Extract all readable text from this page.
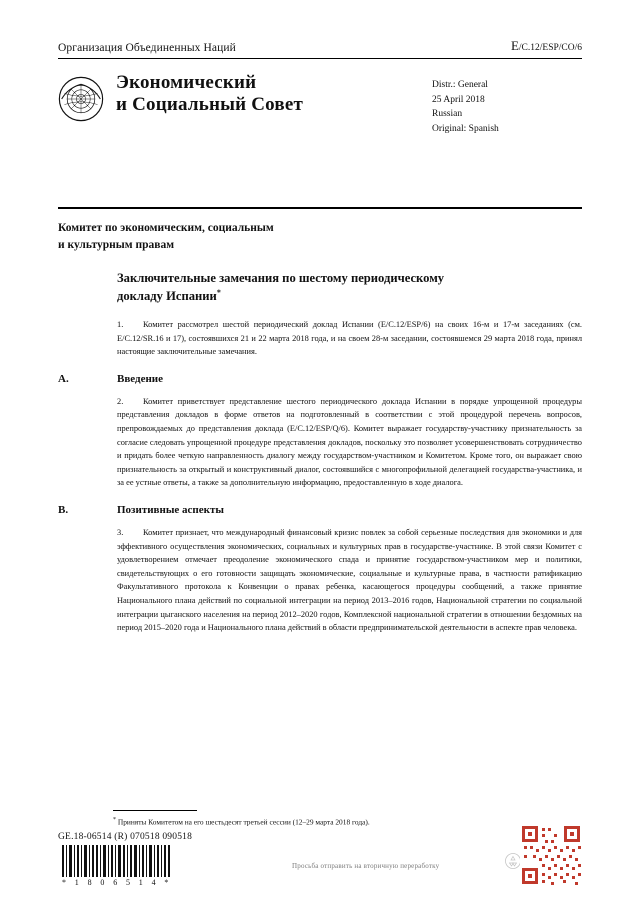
Организация Объединенных Наций	E/C.12/ESP/CO/6
Экономический
и Социальный Совет
Distr.: General
25 April 2018
Russian
Original: Spanish
Комитет по экономическим, социальным
и культурным правам
Заключительные замечания по шестому периодическому
докладу Испании*

1. Комитет рассмотрел шестой периодический доклад Испании (E/C.12/ESP/6) на своих 16-м и 17-м заседаниях (см. E/C.12/SR.16 и 17), состоявшихся 21 и 22 марта 2018 года, и на своем 28-м заседании, состоявшемся 29 марта 2018 года, принял настоящие заключительные замечания.

A.	Введение

2. Комитет приветствует представление шестого периодического доклада Испании в порядке упрощенной процедуры представления докладов в форме ответов на подготовленный в соответствии с этой процедурой перечень вопросов, препровождаемых до представления доклада (E/C.12/ESP/Q/6). Комитет выражает государству-участнику признательность за согласие следовать упрощенной процедуре представления докладов, поскольку это позволяет усовершенствовать сотрудничество и придать более четкую направленность диалогу между государством-участником и Комитетом. Кроме того, он выражает свою признательность за открытый и конструктивный диалог, состоявшийся с многопрофильной делегацией государства-участника, и за ее устные ответы, а также за дополнительную информацию, предоставленную в ходе диалога.

B.	Позитивные аспекты

3. Комитет признает, что международный финансовый кризис повлек за собой серьезные последствия для экономики и для эффективного осуществления экономических, социальных и культурных прав в государстве-участнике. В этой связи Комитет с удовлетворением отмечает преодоление экономического спада и принятие государством-участником мер и политики, свидетельствующих о его готовности защищать экономические, социальные и культурные права, в частности ратификацию Факультативного протокола к Конвенции о правах ребенка, касающегося процедуры сообщений, а также принятие Национального плана действий по социальной интеграции на период 2013–2016 годов, Национальной стратегии по социальной интеграции цыганского населения на период 2012–2020 годов, Комплексной национальной стратегии в отношении бездомных на период 2015–2020 года и Национального плана действий в области предпринимательской деятельности в аспекте прав человека.

* Приняты Комитетом на его шестьдесят третьей сессии (12–29 марта 2018 года).
GE.18-06514 (R) 070518 090518
* 1 8 0 6 5 1 4 *
Просьба отправить на вторичную переработку
